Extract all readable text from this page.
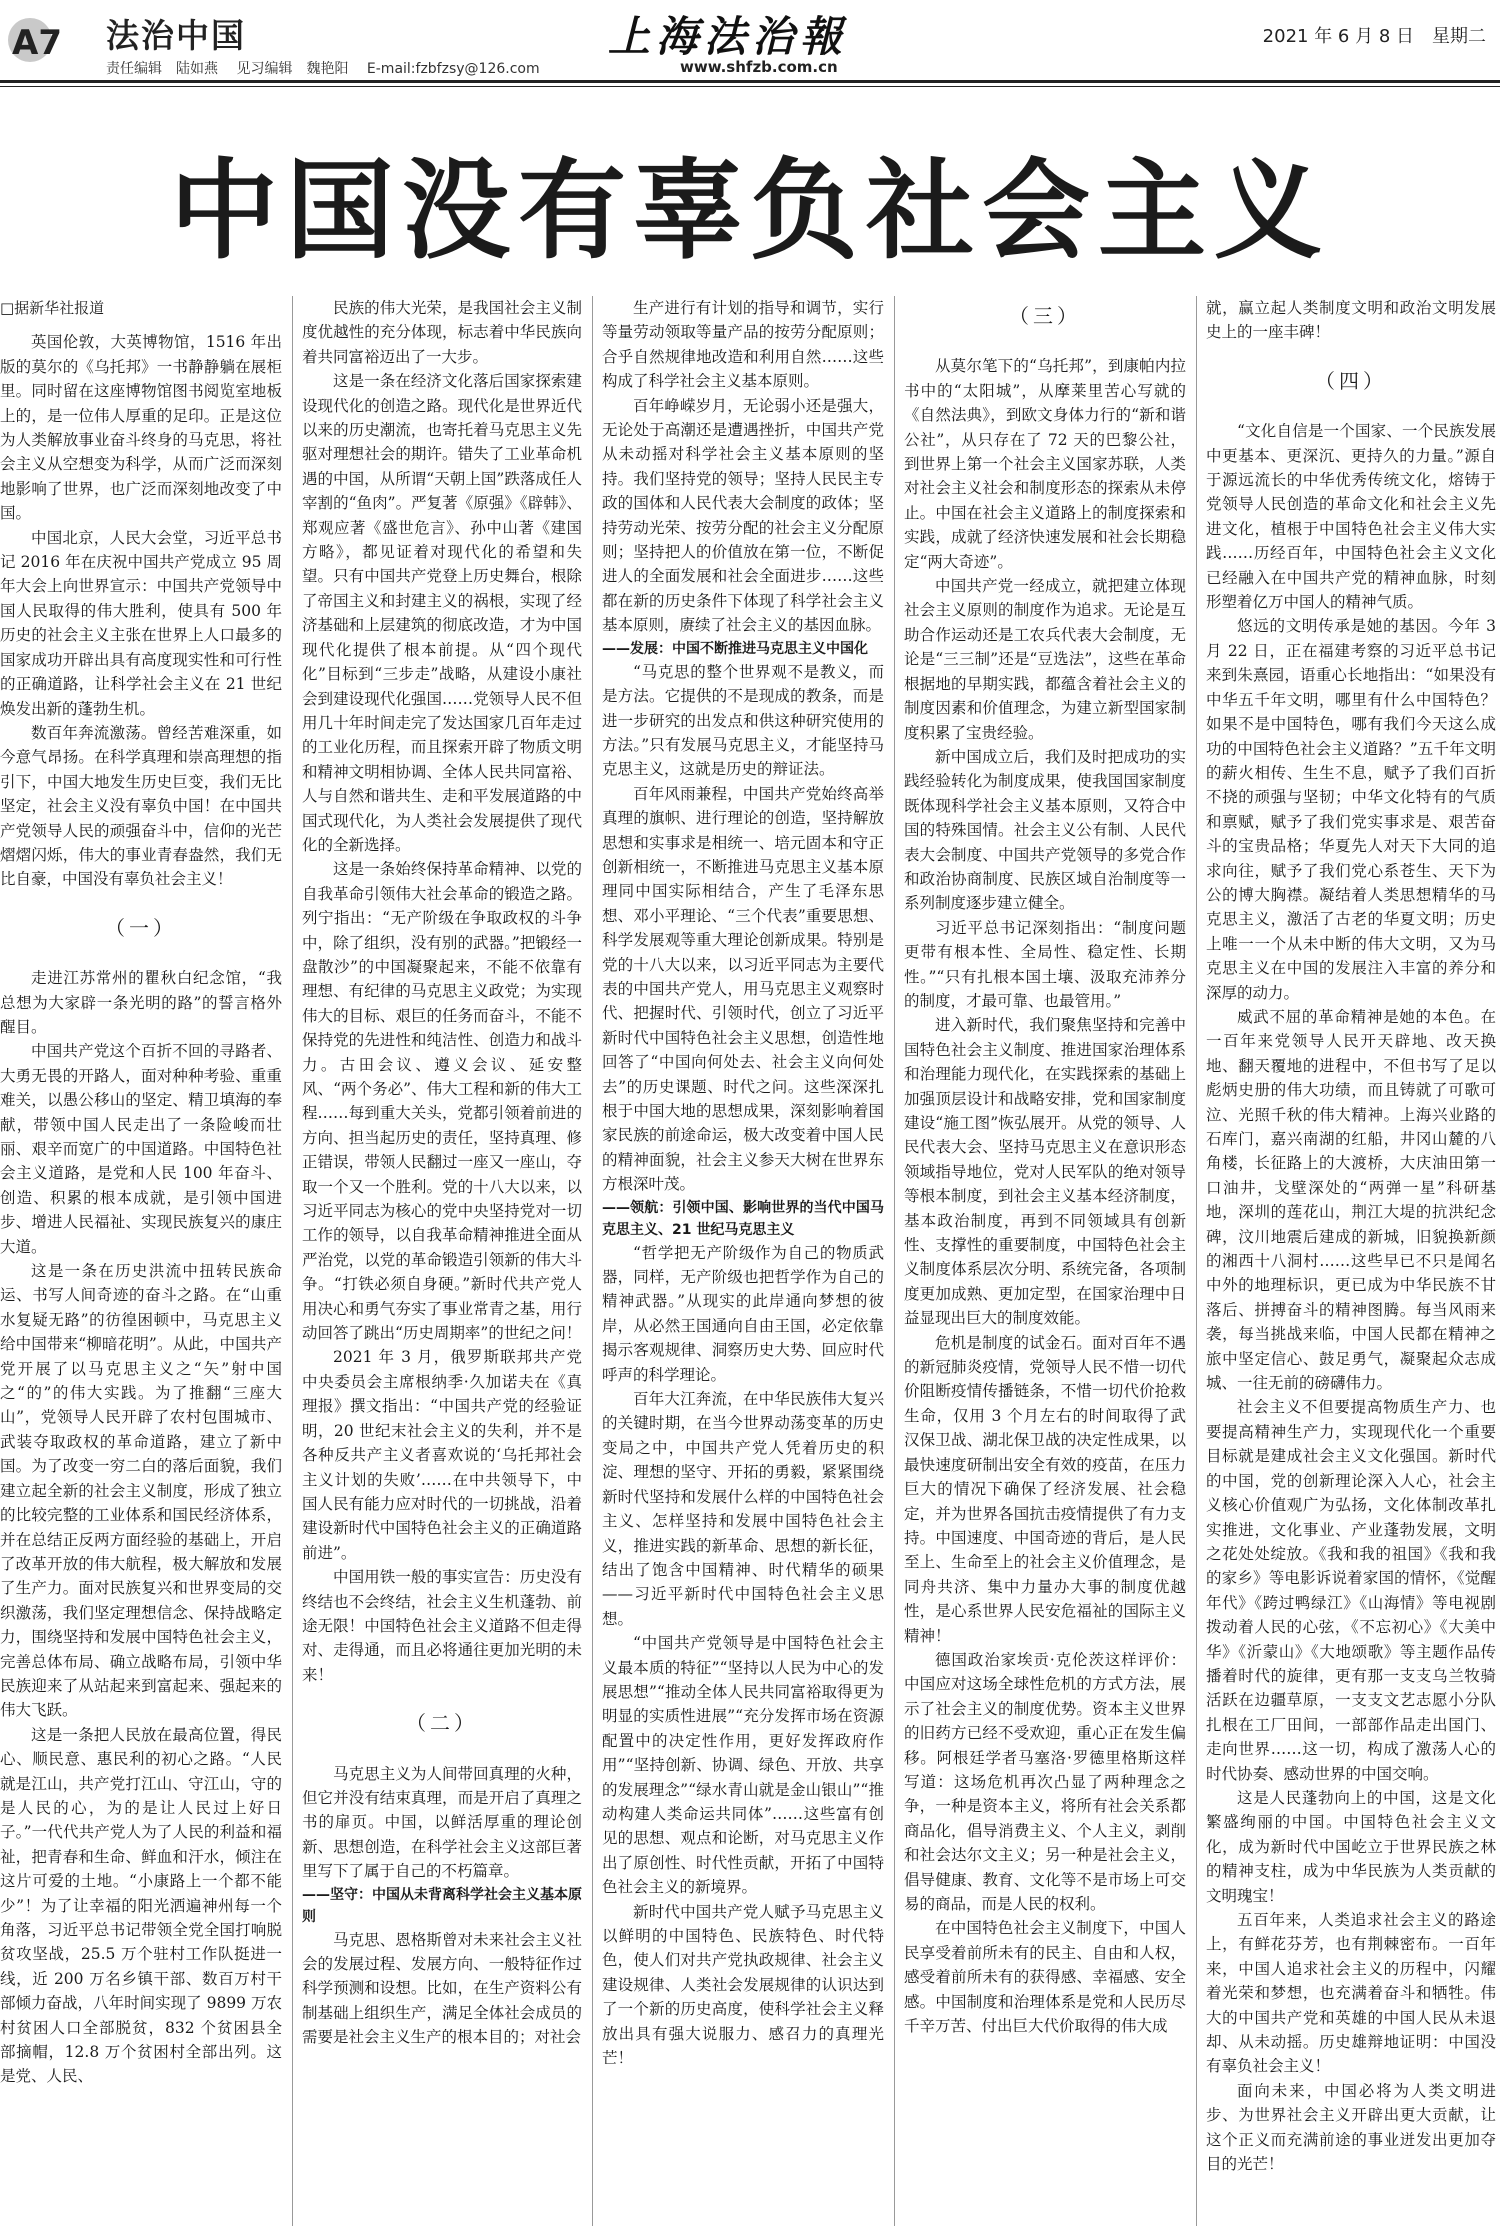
A7 法治中国
责任编辑　陆如燕 见习编辑　魏艳阳 E-mail:fzbfzsy@126.com
上海法治報
www.shfzb.com.cn
2021 年 6 月 8 日　星期二
中国没有辜负社会主义

□据新华社报道

英国伦敦，大英博物馆，1516 年出版的莫尔的《乌托邦》一书静静躺在展柜里。同时留在这座博物馆图书阅览室地板上的，是一位伟人厚重的足印。正是这位为人类解放事业奋斗终身的马克思，将社会主义从空想变为科学，从而广泛而深刻地影响了世界，也广泛而深刻地改变了中国。

中国北京，人民大会堂，习近平总书记 2016 年在庆祝中国共产党成立 95 周年大会上向世界宣示：中国共产党领导中国人民取得的伟大胜利，使具有 500 年历史的社会主义主张在世界上人口最多的国家成功开辟出具有高度现实性和可行性的正确道路，让科学社会主义在 21 世纪焕发出新的蓬勃生机。

数百年奔流激荡。曾经苦难深重，如今意气昂扬。在科学真理和崇高理想的指引下，中国大地发生历史巨变，我们无比坚定，社会主义没有辜负中国！在中国共产党领导人民的顽强奋斗中，信仰的光芒熠熠闪烁，伟大的事业青春盎然，我们无比自豪，中国没有辜负社会主义！

（一）

走进江苏常州的瞿秋白纪念馆，“我总想为大家辟一条光明的路”的誓言格外醒目。

中国共产党这个百折不回的寻路者、大勇无畏的开路人，面对种种考验、重重难关，以愚公移山的坚定、精卫填海的奉献，带领中国人民走出了一条险峻而壮丽、艰辛而宽广的中国道路。中国特色社会主义道路，是党和人民 100 年奋斗、创造、积累的根本成就，是引领中国进步、增进人民福祉、实现民族复兴的康庄大道。

这是一条在历史洪流中扭转民族命运、书写人间奇迹的奋斗之路。在“山重水复疑无路”的彷徨困顿中，马克思主义给中国带来“柳暗花明”。从此，中国共产党开展了以马克思主义之“矢”射中国之“的”的伟大实践。为了推翻“三座大山”，党领导人民开辟了农村包围城市、武装夺取政权的革命道路，建立了新中国。为了改变一穷二白的落后面貌，我们建立起全新的社会主义制度，形成了独立的比较完整的工业体系和国民经济体系，并在总结正反两方面经验的基础上，开启了改革开放的伟大航程，极大解放和发展了生产力。面对民族复兴和世界变局的交织激荡，我们坚定理想信念、保持战略定力，围绕坚持和发展中国特色社会主义，完善总体布局、确立战略布局，引领中华民族迎来了从站起来到富起来、强起来的伟大飞跃。

这是一条把人民放在最高位置，得民心、顺民意、惠民利的初心之路。“人民就是江山，共产党打江山、守江山，守的是人民的心，为的是让人民过上好日子。”一代代共产党人为了人民的利益和福祉，把青春和生命、鲜血和汗水，倾注在这片可爱的土地。“小康路上一个都不能少”！为了让幸福的阳光洒遍神州每一个角落，习近平总书记带领全党全国打响脱贫攻坚战，25.5 万个驻村工作队挺进一线，近 200 万名乡镇干部、数百万村干部倾力奋战，八年时间实现了 9899 万农村贫困人口全部脱贫，832 个贫困县全部摘帽，12.8 万个贫困村全部出列。这是党、人民、

民族的伟大光荣，是我国社会主义制度优越性的充分体现，标志着中华民族向着共同富裕迈出了一大步。

这是一条在经济文化落后国家探索建设现代化的创造之路。现代化是世界近代以来的历史潮流，也寄托着马克思主义先驱对理想社会的期许。错失了工业革命机遇的中国，从所谓“天朝上国”跌落成任人宰割的“鱼肉”。严复著《原强》《辟韩》、郑观应著《盛世危言》、孙中山著《建国方略》，都见证着对现代化的希望和失望。只有中国共产党登上历史舞台，根除了帝国主义和封建主义的祸根，实现了经济基础和上层建筑的彻底改造，才为中国现代化提供了根本前提。从“四个现代化”目标到“三步走”战略，从建设小康社会到建设现代化强国……党领导人民不但用几十年时间走完了发达国家几百年走过的工业化历程，而且探索开辟了物质文明和精神文明相协调、全体人民共同富裕、人与自然和谐共生、走和平发展道路的中国式现代化，为人类社会发展提供了现代化的全新选择。

这是一条始终保持革命精神、以党的自我革命引领伟大社会革命的锻造之路。列宁指出：“无产阶级在争取政权的斗争中，除了组织，没有别的武器。”把锻经一盘散沙”的中国凝聚起来，不能不依靠有理想、有纪律的马克思主义政党；为实现伟大的目标、艰巨的任务而奋斗，不能不保持党的先进性和纯洁性、创造力和战斗力。古田会议、遵义会议、延安整风、“两个务必”、伟大工程和新的伟大工程……每到重大关头，党都引领着前进的方向、担当起历史的责任，坚持真理、修正错误，带领人民翻过一座又一座山，夺取一个又一个胜利。党的十八大以来，以习近平同志为核心的党中央坚持党对一切工作的领导，以自我革命精神推进全面从严治党，以党的革命锻造引领新的伟大斗争。“打铁必须自身硬。”新时代共产党人用决心和勇气夯实了事业常青之基，用行动回答了跳出“历史周期率”的世纪之问！

2021 年 3 月，俄罗斯联邦共产党中央委员会主席根纳季·久加诺夫在《真理报》撰文指出：“中国共产党的经验证明，20 世纪末社会主义的失利，并不是各种反共产主义者喜欢说的‘乌托邦社会主义计划的失败’……在中共领导下，中国人民有能力应对时代的一切挑战，沿着建设新时代中国特色社会主义的正确道路前进”。

中国用铁一般的事实宣告：历史没有终结也不会终结，社会主义生机蓬勃、前途无限！中国特色社会主义道路不但走得对、走得通，而且必将通往更加光明的未来！

（二）

马克思主义为人间带回真理的火种，但它并没有结束真理，而是开启了真理之书的扉页。中国，以鲜活厚重的理论创新、思想创造，在科学社会主义这部巨著里写下了属于自己的不朽篇章。

——坚守：中国从未背离科学社会主义基本原则

马克思、恩格斯曾对未来社会主义社会的发展过程、发展方向、一般特征作过科学预测和设想。比如，在生产资料公有制基础上组织生产，满足全体社会成员的需要是社会主义生产的根本目的；对社会

生产进行有计划的指导和调节，实行等量劳动领取等量产品的按劳分配原则；合乎自然规律地改造和利用自然……这些构成了科学社会主义基本原则。

百年峥嵘岁月，无论弱小还是强大，无论处于高潮还是遭遇挫折，中国共产党从未动摇对科学社会主义基本原则的坚持。我们坚持党的领导；坚持人民民主专政的国体和人民代表大会制度的政体；坚持劳动光荣、按劳分配的社会主义分配原则；坚持把人的价值放在第一位，不断促进人的全面发展和社会全面进步……这些都在新的历史条件下体现了科学社会主义基本原则，赓续了社会主义的基因血脉。

——发展：中国不断推进马克思主义中国化

“马克思的整个世界观不是教义，而是方法。它提供的不是现成的教条，而是进一步研究的出发点和供这种研究使用的方法。”只有发展马克思主义，才能坚持马克思主义，这就是历史的辩证法。

百年风雨兼程，中国共产党始终高举真理的旗帜、进行理论的创造，坚持解放思想和实事求是相统一、培元固本和守正创新相统一，不断推进马克思主义基本原理同中国实际相结合，产生了毛泽东思想、邓小平理论、“三个代表”重要思想、科学发展观等重大理论创新成果。特别是党的十八大以来，以习近平同志为主要代表的中国共产党人，用马克思主义观察时代、把握时代、引领时代，创立了习近平新时代中国特色社会主义思想，创造性地回答了“中国向何处去、社会主义向何处去”的历史课题、时代之问。这些深深扎根于中国大地的思想成果，深刻影响着国家民族的前途命运，极大改变着中国人民的精神面貌，社会主义参天大树在世界东方根深叶茂。

——领航：引领中国、影响世界的当代中国马克思主义、21 世纪马克思主义

“哲学把无产阶级作为自己的物质武器，同样，无产阶级也把哲学作为自己的精神武器。”从现实的此岸通向梦想的彼岸，从必然王国通向自由王国，必定依靠揭示客观规律、洞察历史大势、回应时代呼声的科学理论。

百年大江奔流，在中华民族伟大复兴的关键时期，在当今世界动荡变革的历史变局之中，中国共产党人凭着历史的积淀、理想的坚守、开拓的勇毅，紧紧围绕新时代坚持和发展什么样的中国特色社会主义、怎样坚持和发展中国特色社会主义，推进实践的新革命、思想的新长征，结出了饱含中国精神、时代精华的硕果——习近平新时代中国特色社会主义思想。

“中国共产党领导是中国特色社会主义最本质的特征”“坚持以人民为中心的发展思想”“推动全体人民共同富裕取得更为明显的实质性进展”“充分发挥市场在资源配置中的决定性作用，更好发挥政府作用”“坚持创新、协调、绿色、开放、共享的发展理念”“绿水青山就是金山银山”“推动构建人类命运共同体”……这些富有创见的思想、观点和论断，对马克思主义作出了原创性、时代性贡献，开拓了中国特色社会主义的新境界。

新时代中国共产党人赋予马克思主义以鲜明的中国特色、民族特色、时代特色，使人们对共产党执政规律、社会主义建设规律、人类社会发展规律的认识达到了一个新的历史高度，使科学社会主义释放出具有强大说服力、感召力的真理光芒！

（三）

从莫尔笔下的“乌托邦”，到康帕内拉书中的“太阳城”，从摩莱里苦心写就的《自然法典》，到欧文身体力行的“新和谐公社”，从只存在了 72 天的巴黎公社，到世界上第一个社会主义国家苏联，人类对社会主义社会和制度形态的探索从未停止。中国在社会主义道路上的制度探索和实践，成就了经济快速发展和社会长期稳定“两大奇迹”。

中国共产党一经成立，就把建立体现社会主义原则的制度作为追求。无论是互助合作运动还是工农兵代表大会制度，无论是“三三制”还是“豆选法”，这些在革命根据地的早期实践，都蕴含着社会主义的制度因素和价值理念，为建立新型国家制度积累了宝贵经验。

新中国成立后，我们及时把成功的实践经验转化为制度成果，使我国国家制度既体现科学社会主义基本原则，又符合中国的特殊国情。社会主义公有制、人民代表大会制度、中国共产党领导的多党合作和政治协商制度、民族区域自治制度等一系列制度逐步建立健全。

习近平总书记深刻指出：“制度问题更带有根本性、全局性、稳定性、长期性。”“只有扎根本国土壤、汲取充沛养分的制度，才最可靠、也最管用。”

进入新时代，我们聚焦坚持和完善中国特色社会主义制度、推进国家治理体系和治理能力现代化，在实践探索的基础上加强顶层设计和战略安排，党和国家制度建设“施工图”恢弘展开。从党的领导、人民代表大会、坚持马克思主义在意识形态领域指导地位，党对人民军队的绝对领导等根本制度，到社会主义基本经济制度，基本政治制度，再到不同领域具有创新性、支撑性的重要制度，中国特色社会主义制度体系层次分明、系统完备，各项制度更加成熟、更加定型，在国家治理中日益显现出巨大的制度效能。

危机是制度的试金石。面对百年不遇的新冠肺炎疫情，党领导人民不惜一切代价阻断疫情传播链条，不惜一切代价抢救生命，仅用 3 个月左右的时间取得了武汉保卫战、湖北保卫战的决定性成果，以最快速度研制出安全有效的疫苗，在压力巨大的情况下确保了经济发展、社会稳定，并为世界各国抗击疫情提供了有力支持。中国速度、中国奇迹的背后，是人民至上、生命至上的社会主义价值理念，是同舟共济、集中力量办大事的制度优越性，是心系世界人民安危福祉的国际主义精神！

德国政治家埃贡·克伦茨这样评价：中国应对这场全球性危机的方式方法，展示了社会主义的制度优势。资本主义世界的旧药方已经不受欢迎，重心正在发生偏移。阿根廷学者马塞洛·罗德里格斯这样写道：这场危机再次凸显了两种理念之争，一种是资本主义，将所有社会关系都商品化，倡导消费主义、个人主义，剥削和社会达尔文主义；另一种是社会主义，倡导健康、教育、文化等不是市场上可交易的商品，而是人民的权利。

在中国特色社会主义制度下，中国人民享受着前所未有的民主、自由和人权，感受着前所未有的获得感、幸福感、安全感。中国制度和治理体系是党和人民历尽千辛万苦、付出巨大代价取得的伟大成

就，赢立起人类制度文明和政治文明发展史上的一座丰碑！

（四）

“文化自信是一个国家、一个民族发展中更基本、更深沉、更持久的力量。”源自于源远流长的中华优秀传统文化，熔铸于党领导人民创造的革命文化和社会主义先进文化，植根于中国特色社会主义伟大实践……历经百年，中国特色社会主义文化已经融入在中国共产党的精神血脉，时刻形塑着亿万中国人的精神气质。

悠远的文明传承是她的基因。今年 3 月 22 日，正在福建考察的习近平总书记来到朱熹园，语重心长地指出：“如果没有中华五千年文明，哪里有什么中国特色？如果不是中国特色，哪有我们今天这么成功的中国特色社会主义道路？”五千年文明的薪火相传、生生不息，赋予了我们百折不挠的顽强与坚韧；中华文化特有的气质和禀赋，赋予了我们党实事求是、艰苦奋斗的宝贵品格；华夏先人对天下大同的追求向往，赋予了我们党心系苍生、天下为公的博大胸襟。凝结着人类思想精华的马克思主义，激活了古老的华夏文明；历史上唯一一个从未中断的伟大文明，又为马克思主义在中国的发展注入丰富的养分和深厚的动力。

威武不屈的革命精神是她的本色。在一百年来党领导人民开天辟地、改天换地、翻天覆地的进程中，不但书写了足以彪炳史册的伟大功绩，而且铸就了可歌可泣、光照千秋的伟大精神。上海兴业路的石库门，嘉兴南湖的红船，井冈山麓的八角楼，长征路上的大渡桥，大庆油田第一口油井，戈壁深处的“两弹一星”科研基地，深圳的莲花山，荆江大堤的抗洪纪念碑，汶川地震后建成的新城，旧貌换新颜的湘西十八洞村……这些早已不只是闻名中外的地理标识，更已成为中华民族不甘落后、拼搏奋斗的精神图腾。每当风雨来袭，每当挑战来临，中国人民都在精神之旅中坚定信心、鼓足勇气，凝聚起众志成城、一往无前的磅礴伟力。

社会主义不但要提高物质生产力、也要提高精神生产力，实现现代化一个重要目标就是建成社会主义文化强国。新时代的中国，党的创新理论深入人心，社会主义核心价值观广为弘扬，文化体制改革扎实推进，文化事业、产业蓬勃发展，文明之花处处绽放。《我和我的祖国》《我和我的家乡》等电影诉说着家国的情怀，《觉醒年代》《跨过鸭绿江》《山海情》等电视剧拨动着人民的心弦，《不忘初心》《大美中华》《沂蒙山》《大地颂歌》等主题作品传播着时代的旋律，更有那一支支乌兰牧骑活跃在边疆草原，一支支文艺志愿小分队扎根在工厂田间，一部部作品走出国门、走向世界……这一切，构成了激荡人心的时代协奏、感动世界的中国交响。

这是人民蓬勃向上的中国，这是文化繁盛绚丽的中国。中国特色社会主义文化，成为新时代中国屹立于世界民族之林的精神支柱，成为中华民族为人类贡献的文明瑰宝！

五百年来，人类追求社会主义的路途上，有鲜花芬芳，也有荆棘密布。一百年来，中国人追求社会主义的历程中，闪耀着光荣和梦想，也充满着奋斗和牺牲。伟大的中国共产党和英雄的中国人民从未退却、从未动摇。历史雄辩地证明：中国没有辜负社会主义！

面向未来，中国必将为人类文明进步、为世界社会主义开辟出更大贡献，让这个正义而充满前途的事业迸发出更加夺目的光芒！
